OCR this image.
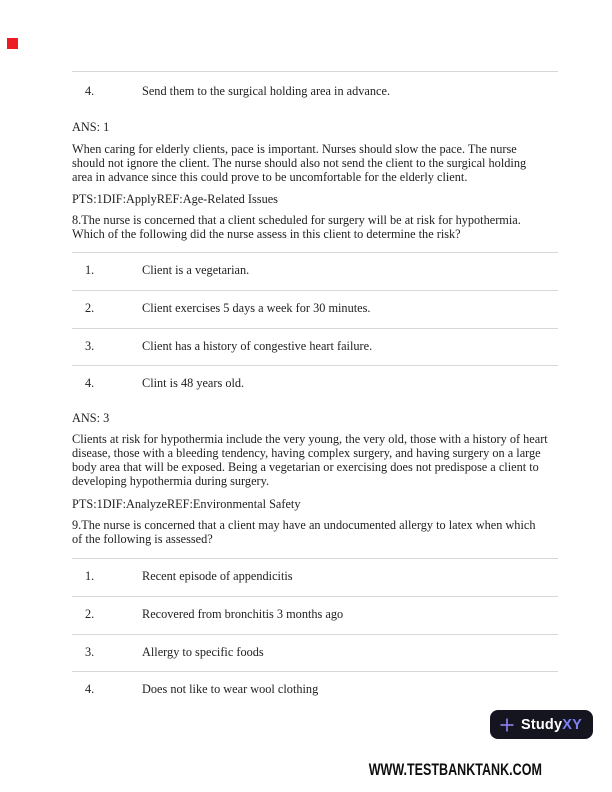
4.	Send them to the surgical holding area in advance.

ANS: 1

When caring for elderly clients, pace is important. Nurses should slow the pace. The nurse should not ignore the client. The nurse should also not send the client to the surgical holding area in advance since this could prove to be uncomfortable for the elderly client.

PTS:1DIF:ApplyREF:Age-Related Issues

8.The nurse is concerned that a client scheduled for surgery will be at risk for hypothermia. Which of the following did the nurse assess in this client to determine the risk?

1.	Client is a vegetarian.
2.	Client exercises 5 days a week for 30 minutes.
3.	Client has a history of congestive heart failure.
4.	Clint is 48 years old.

ANS: 3

Clients at risk for hypothermia include the very young, the very old, those with a history of heart disease, those with a bleeding tendency, having complex surgery, and having surgery on a large body area that will be exposed. Being a vegetarian or exercising does not predispose a client to developing hypothermia during surgery.

PTS:1DIF:AnalyzeREF:Environmental Safety

9.The nurse is concerned that a client may have an undocumented allergy to latex when which of the following is assessed?

1.	Recent episode of appendicitis
2.	Recovered from bronchitis 3 months ago
3.	Allergy to specific foods
4.	Does not like to wear wool clothing
StudyXY
WWW.TESTBANKTANK.COM
